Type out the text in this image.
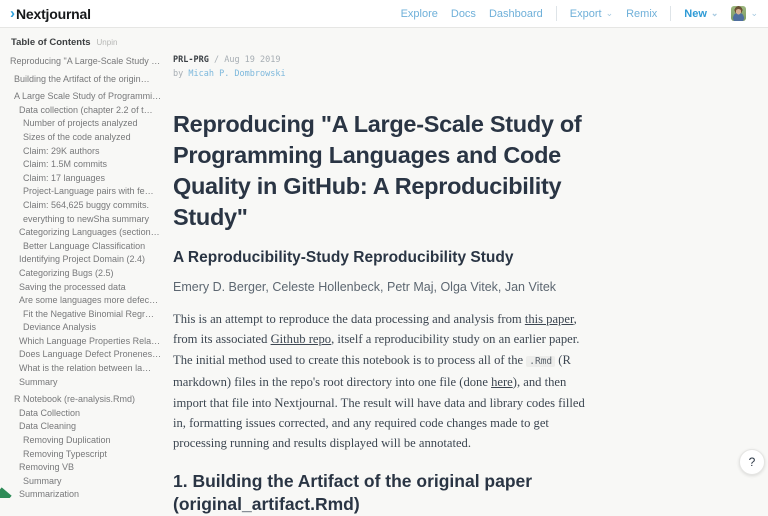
› Nextjournal	Explore Docs Dashboard Export ⌄ Remix New ⌄	⌄
Table of Contents Unpin
Reproducing "A Large-Scale Study …
Building the Artifact of the origin…
A Large Scale Study of Programmi…
Data collection (chapter 2.2 of t…
Number of projects analyzed
Sizes of the code analyzed
Claim: 29K authors
Claim: 1.5M commits
Claim: 17 languages
Project-Language pairs with fe…
Claim: 564,625 buggy commits.
everything to newSha summary
Categorizing Languages (section…
Better Language Classification
Identifying Project Domain (2.4)
Categorizing Bugs (2.5)
Saving the processed data
Are some languages more defec…
Fit the Negative Binomial Regr…
Deviance Analysis
Which Language Properties Rela…
Does Language Defect Pronenes…
What is the relation between la…
Summary
R Notebook (re-analysis.Rmd)
Data Collection
Data Cleaning
Removing Duplication
Removing Typescript
Removing VB
Summary
Summarization
PRL-PRG / Aug 19 2019
by Micah P. Dombrowski
Reproducing "A Large-Scale Study of Programming Languages and Code Quality in GitHub: A Reproducibility Study"
A Reproducibility-Study Reproducibility Study
Emery D. Berger, Celeste Hollenbeck, Petr Maj, Olga Vitek, Jan Vitek

This is an attempt to reproduce the data processing and analysis from this paper, from its associated Github repo, itself a reproducibility study on an earlier paper. The initial method used to create this notebook is to process all of the .Rmd (R markdown) files in the repo's root directory into one file (done here), and then import that file into Nextjournal. The result will have data and library codes filled in, formatting issues corrected, and any required code changes made to get processing running and results displayed will be annotated.

1. Building the Artifact of the original paper (original_artifact.Rmd)
?
